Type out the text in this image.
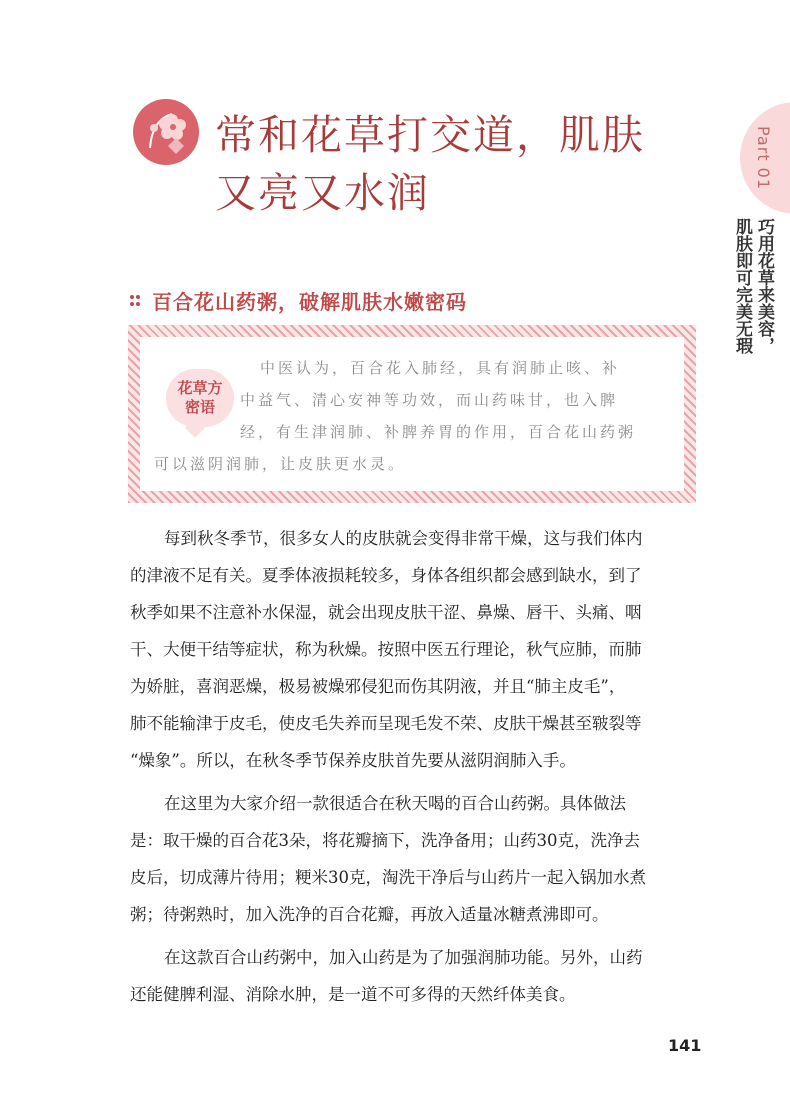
常和花草打交道，肌肤
又亮又水润
Part 01
巧用花草来美容，
肌肤即可完美无瑕
百合花山药粥，破解肌肤水嫩密码
花草方
密语
中医认为，百合花入肺经，具有润肺止咳、补
中益气、清心安神等功效，而山药味甘，也入脾
经，有生津润肺、补脾养胃的作用，百合花山药粥
可以滋阴润肺，让皮肤更水灵。

每到秋冬季节，很多女人的皮肤就会变得非常干燥，这与我们体内
的津液不足有关。夏季体液损耗较多，身体各组织都会感到缺水，到了
秋季如果不注意补水保湿，就会出现皮肤干涩、鼻燥、唇干、头痛、咽
干、大便干结等症状，称为秋燥。按照中医五行理论，秋气应肺，而肺
为娇脏，喜润恶燥，极易被燥邪侵犯而伤其阴液，并且“肺主皮毛”，
肺不能输津于皮毛，使皮毛失养而呈现毛发不荣、皮肤干燥甚至皲裂等
“燥象”。所以，在秋冬季节保养皮肤首先要从滋阴润肺入手。

在这里为大家介绍一款很适合在秋天喝的百合山药粥。具体做法
是：取干燥的百合花3朵，将花瓣摘下，洗净备用；山药30克，洗净去
皮后，切成薄片待用；粳米30克，淘洗干净后与山药片一起入锅加水煮
粥；待粥熟时，加入洗净的百合花瓣，再放入适量冰糖煮沸即可。

在这款百合山药粥中，加入山药是为了加强润肺功能。另外，山药
还能健脾利湿、消除水肿，是一道不可多得的天然纤体美食。

141
